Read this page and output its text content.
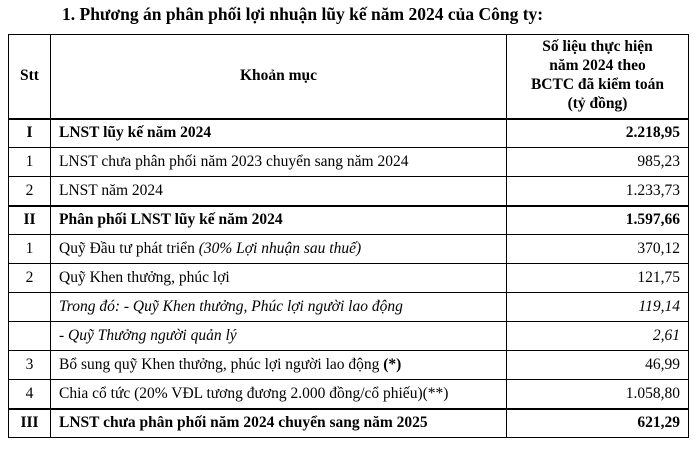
1. Phương án phân phối lợi nhuận lũy kế năm 2024 của Công ty:
Stt	Khoản mục	Số liệu thực hiện
năm 2024 theo
BCTC đã kiểm toán
(tỷ đồng)

I	LNST lũy kế năm 2024	2.218,95
1	LNST chưa phân phối năm 2023 chuyển sang năm 2024	985,23
2	LNST năm 2024	1.233,73
II	Phân phối LNST lũy kế năm 2024	1.597,66
1	Quỹ Đầu tư phát triển (30% Lợi nhuận sau thuế)	370,12
2	Quỹ Khen thưởng, phúc lợi	121,75
	Trong đó: - Quỹ Khen thưởng, Phúc lợi người lao động	119,14
	- Quỹ Thưởng người quản lý	2,61
3	Bổ sung quỹ Khen thưởng, phúc lợi người lao động (*)	46,99
4	Chia cổ tức (20% VĐL tương đương 2.000 đồng/cổ phiếu)(**)	1.058,80
III	LNST chưa phân phối năm 2024 chuyển sang năm 2025	621,29
